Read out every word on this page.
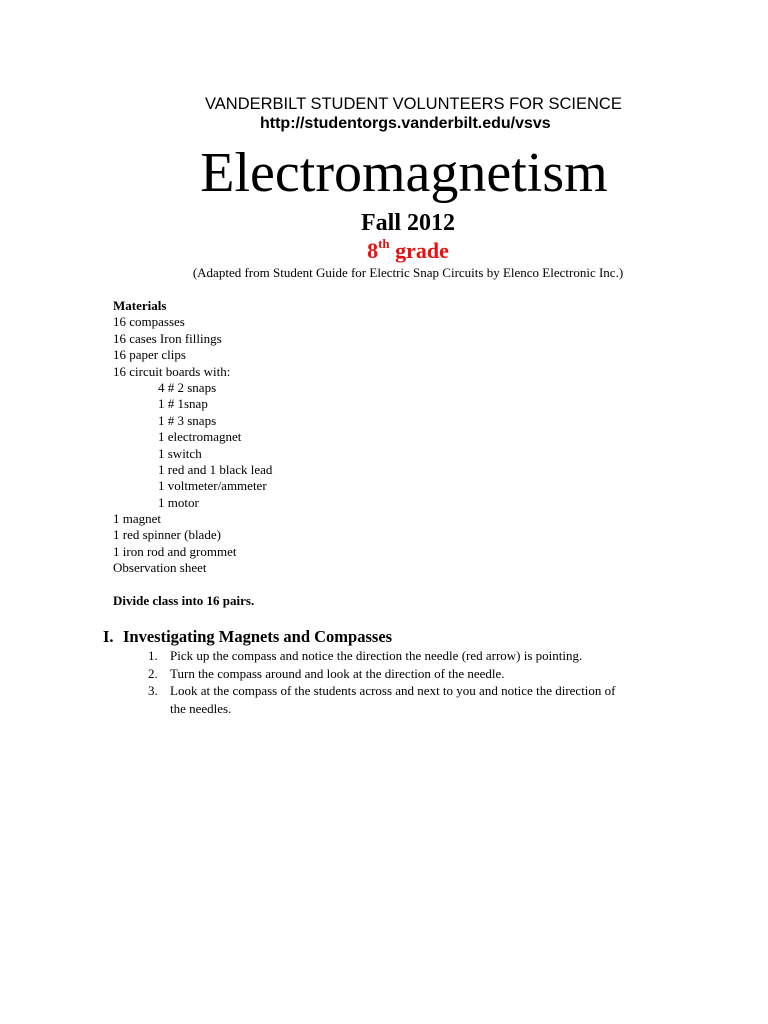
VANDERBILT STUDENT VOLUNTEERS FOR SCIENCE
http://studentorgs.vanderbilt.edu/vsvs
Electromagnetism
Fall 2012
8th grade
(Adapted from Student Guide for Electric Snap Circuits by Elenco Electronic Inc.)
Materials
16 compasses
16 cases Iron fillings
16 paper clips
16 circuit boards with:
4 # 2 snaps
1 # 1snap
1 # 3 snaps
1 electromagnet
1 switch
1 red and 1 black lead
1 voltmeter/ammeter
1 motor
1 magnet
1 red spinner (blade)
1 iron rod and grommet
Observation sheet
Divide class into 16 pairs.
I. Investigating Magnets and Compasses
1. Pick up the compass and notice the direction the needle (red arrow) is pointing.
2. Turn the compass around and look at the direction of the needle.
3. Look at the compass of the students across and next to you and notice the direction of
the needles.
